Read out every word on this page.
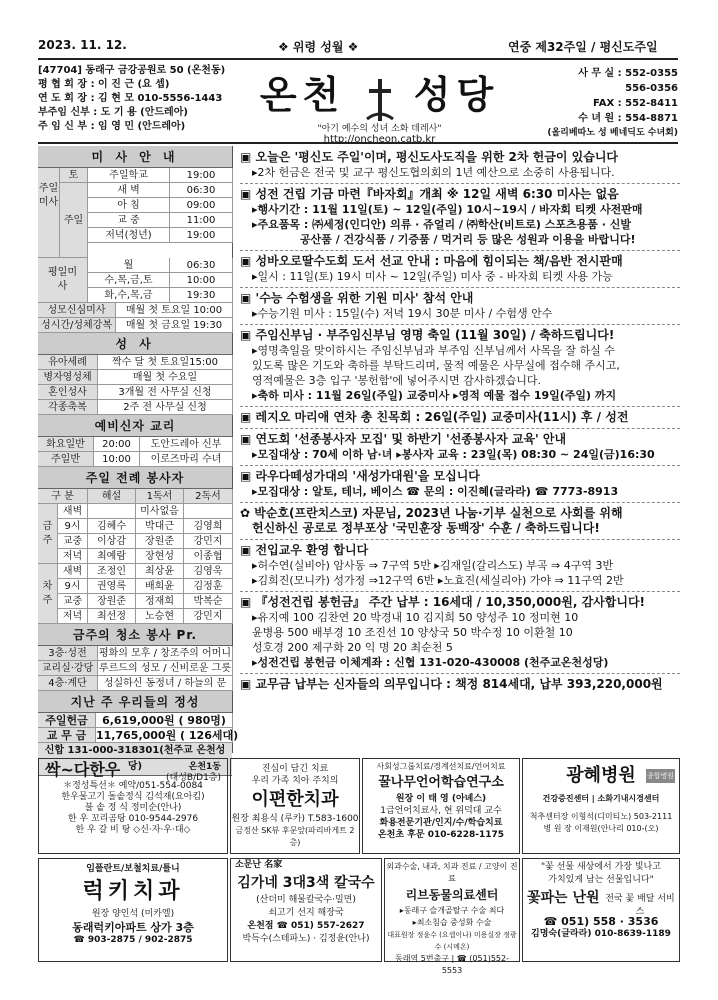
2023. 11. 12.	❖ 위령 성월 ❖	연중 제32주일 / 평신도주일
[47704] 동래구 금강공원로 50 (온천동)
평 협 회 장 : 이 진 근 (요 셉)
연 도 회 장 : 김 현 모 010-5556-1443
부주임 신부 : 도 기 용 (안드레아)
주 임 신 부 : 임 영 민 (안드레아)
온천 성당
"아기 예수의 성녀 소화 데레사"
http://oncheon.catb.kr
사 무 실 : 552-0355
556-0356
FAX : 552-8411
수 녀 원 : 554-8871
(올리베따노 성 베네딕도 수녀회)
미 사 안 내
주일미사
토	주일학교	19:00
주일
새 벽	06:30
아 침	09:00
교 중	11:00
저녁(청년)	19:00
평일미사
월	06:30
수,목,금,토	10:00
화,수,목,금	19:30
성모신심미사	매월 첫 토요일 10:00
성시간/성체강복	매월 첫 금요일 19:30
성 사
유아세례	짝수 달 첫 토요일15:00
병자영성체	매월 첫 수요일
혼인성사	3개월 전 사무실 신청
각종축복	2주 전 사무실 신청
예비신자 교리
화요일반	20:00	도안드레아 신부
주일반	10:00	이로즈마리 수녀
주일 전례 봉사자
구 분	해설	1독서	2독서
금주
새벽	미사없음
9시	김혜수	박대근	김영희
교중	이상감	장원준	강민지
저녁	최예람	장현성	이종협
차주
새벽	조정인	최상윤	김영욱
9시	권영록	배희윤	김정훈
교중	장원준	정재희	박복순
저녁	최선정	노승현	강민지
금주의 청소 봉사 Pr.
3층·성전	평화의 모후 / 창조주의 어머니
교리실·강당 루르드의 성모 / 신비로운 그릇
4층·계단	성실하신 동정녀 / 하늘의 문
지난 주 우리들의 정성
주일헌금	6,619,000원 ( 980명)
교 무 금 11,765,000원 ( 126세대)
신합 131-000-318301(천주교 온천성당)
▣ 오늘은 '평신도 주일'이며, 평신도사도직을 위한 2차 헌금이 있습니다
▸2차 헌금은 전국 및 교구 평신도협의회의 1년 예산으로 소중히 사용됩니다.
▣ 성전 건립 기금 마련『바자회』개최 ※ 12일 새벽 6:30 미사는 없음
▸행사기간 : 11월 11일(토) ~ 12일(주일) 10시~19시 / 바자회 티켓 사전판매
▸주요품목 : ㈜세정(인디안) 의류 · 쥬얼리 / ㈜학산(비트로) 스포츠용품 · 신발
공산품 / 건강식품 / 기증품 / 먹거리 등 많은 성원과 이용을 바랍니다!
▣ 성바오로딸수도회 도서 선교 안내 : 마음에 힘이되는 책/음반 전시판매
▸일시 : 11일(토) 19시 미사 ~ 12일(주일) 미사 중 - 바자회 티켓 사용 가능
▣ '수능 수험생을 위한 기원 미사' 참석 안내
▸수능기원 미사 : 15일(수) 저녁 19시 30분 미사 / 수험생 안수
▣ 주임신부님 · 부주임신부님 영명 축일 (11월 30일) / 축하드립니다!
▸영명축일을 맞이하시는 주임신부님과 부주임 신부님께서 사목을 잘 하실 수
있도록 많은 기도와 축하를 부탁드리며, 물적 예물은 사무실에 접수해 주시고,
영적예물은 3층 입구 '봉헌함'에 넣어주시면 감사하겠습니다.
▸축하 미사 : 11월 26일(주일) 교중미사 ▸영적 예물 접수 19일(주일) 까지
▣ 레지오 마리애 연차 총 친목회 : 26일(주일) 교중미사(11시) 후 / 성전
▣ 연도회 '선종봉사자 모집' 및 하반기 '선종봉사자 교육' 안내
▸모집대상 : 70세 이하 남·녀 ▸봉사자 교육 : 23일(목) 08:30 ~ 24일(금)16:30
▣ 라우다떼성가대의 '새성가대원'을 모십니다
▸모집대상 : 알토, 테너, 베이스 ☎ 문의 : 이진혜(글라라) ☎ 7773-8913
✿ 박순호(프란치스코) 자문님, 2023년 나눔·기부 실천으로 사회를 위해
헌신하신 공로로 정부포상 '국민훈장 동백장' 수훈 / 축하드립니다!
▣ 전입교우 환영 합니다
▸허수연(실비아) 암사동 ⇒ 7구역 5반 ▸김재일(갈리스도) 부곡 ⇒ 4구역 3반
▸김희진(모니카) 성가정 ⇒12구역 6반 ▸노효진(세실리아) 가야 ⇒ 11구역 2반
▣ 『성전건립 봉헌금』 주간 납부 : 16세대 / 10,350,000원, 감사합니다!
▸유지예 100 김찬연 20 박경내 10 김지희 50 양성주 10 정미현 10
윤병용 500 배부경 10 조진선 10 양상국 50 박수정 10 이환철 10
성호경 200 제구화 20 익 명 20 최순천 5
▸성전건립 봉헌금 이체계좌 : 신협 131-020-430008 (천주교온천성당)
▣ 교무금 납부는 신자들의 의무입니다 : 책정 814세대, 납부 393,220,000원
싹~다한우	온천1동
(대성B/D1층)
＊정성특선＊ 예약/051-554-0084
한우물고기 돌솥정식 김석재(요아킴)
불 솥 정 식 정미순(안나)
한 우 꼬리곰탕 010-9544-2976
한 우 갈 비 탕 ◇신·자·우·대◇
진심이 담긴 치료
우리 가족 치아 주치의
이편한치과
원장 최용식 (루카) T.583-1600
금정산 SK뷰 후문앞(파리바게트 2층)
사회성그룹치료/경계선치료/언어치료
꿀나무언어학습연구소
원장 이 태 영 (아녜스)
1급언어치료사, 현 위덕대 교수
화용전문기관/인지/수/학습치료
온천초 후문 010-6228-1175
광혜병원	종합병원
건강증진센터 | 소화기내시경센터
척추센터장 이형석(디미티노) 503-2111
병 원 장 이재원(안나리 010-(오)
임플란트/보철치료/틀니
럭키치과
원장 양인석 (미카엘)
동래럭키아파트 상가 3층
☎ 903-2875 / 902-2875
소문난 名家
김가네 3대3색 칼국수
(산더미 해물칼국수·밀면)
쇠고기 선지 해장국
온천점 ☎ 051) 557-2627
박득수(스테파노) · 김정윤(안나)
외과수술, 내과, 치과 진료 / 고양이 진료
리브동물의료센터
▸동래구 슬개골탈구 수술 최다
▸최소침습 중성화 수술
대표원장 정윤수 (요셉이나) 미용실장 정광수 (시메온)
동래역 5번출구 | ☎ (051)552-5553
"꽃 선물 새상에서 가장 빛나고
가치있게 남는 선물입니다"
꽃파는 난원 전국 꽃 배달 서비스
☎ 051) 558 · 3536
김명숙(글라라) 010-8639-1189
